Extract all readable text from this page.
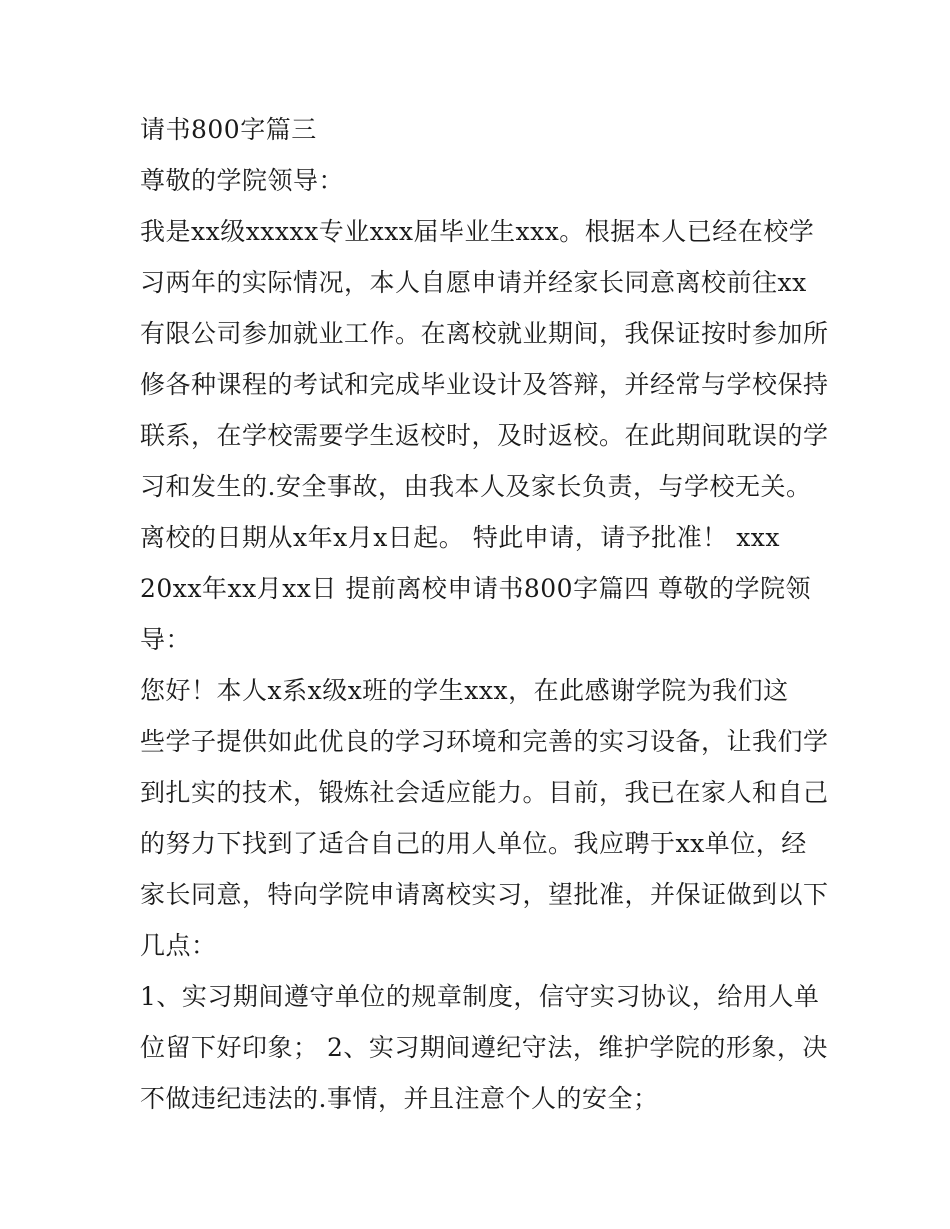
请书800字篇三
尊敬的学院领导：
我是xx级xxxxx专业xxx届毕业生xxx。根据本人已经在校学
习两年的实际情况，本人自愿申请并经家长同意离校前往xx
有限公司参加就业工作。在离校就业期间，我保证按时参加所
修各种课程的考试和完成毕业设计及答辩，并经常与学校保持
联系，在学校需要学生返校时，及时返校。在此期间耽误的学
习和发生的.安全事故，由我本人及家长负责，与学校无关。
离校的日期从x年x月x日起。 特此申请，请予批准！ xxx
20xx年xx月xx日 提前离校申请书800字篇四 尊敬的学院领
导：
您好！本人x系x级x班的学生xxx，在此感谢学院为我们这
些学子提供如此优良的学习环境和完善的实习设备，让我们学
到扎实的技术，锻炼社会适应能力。目前，我已在家人和自己
的努力下找到了适合自己的用人单位。我应聘于xx单位，经
家长同意，特向学院申请离校实习，望批准，并保证做到以下
几点：
1、实习期间遵守单位的规章制度，信守实习协议，给用人单
位留下好印象； 2、实习期间遵纪守法，维护学院的形象，决
不做违纪违法的.事情，并且注意个人的安全；
